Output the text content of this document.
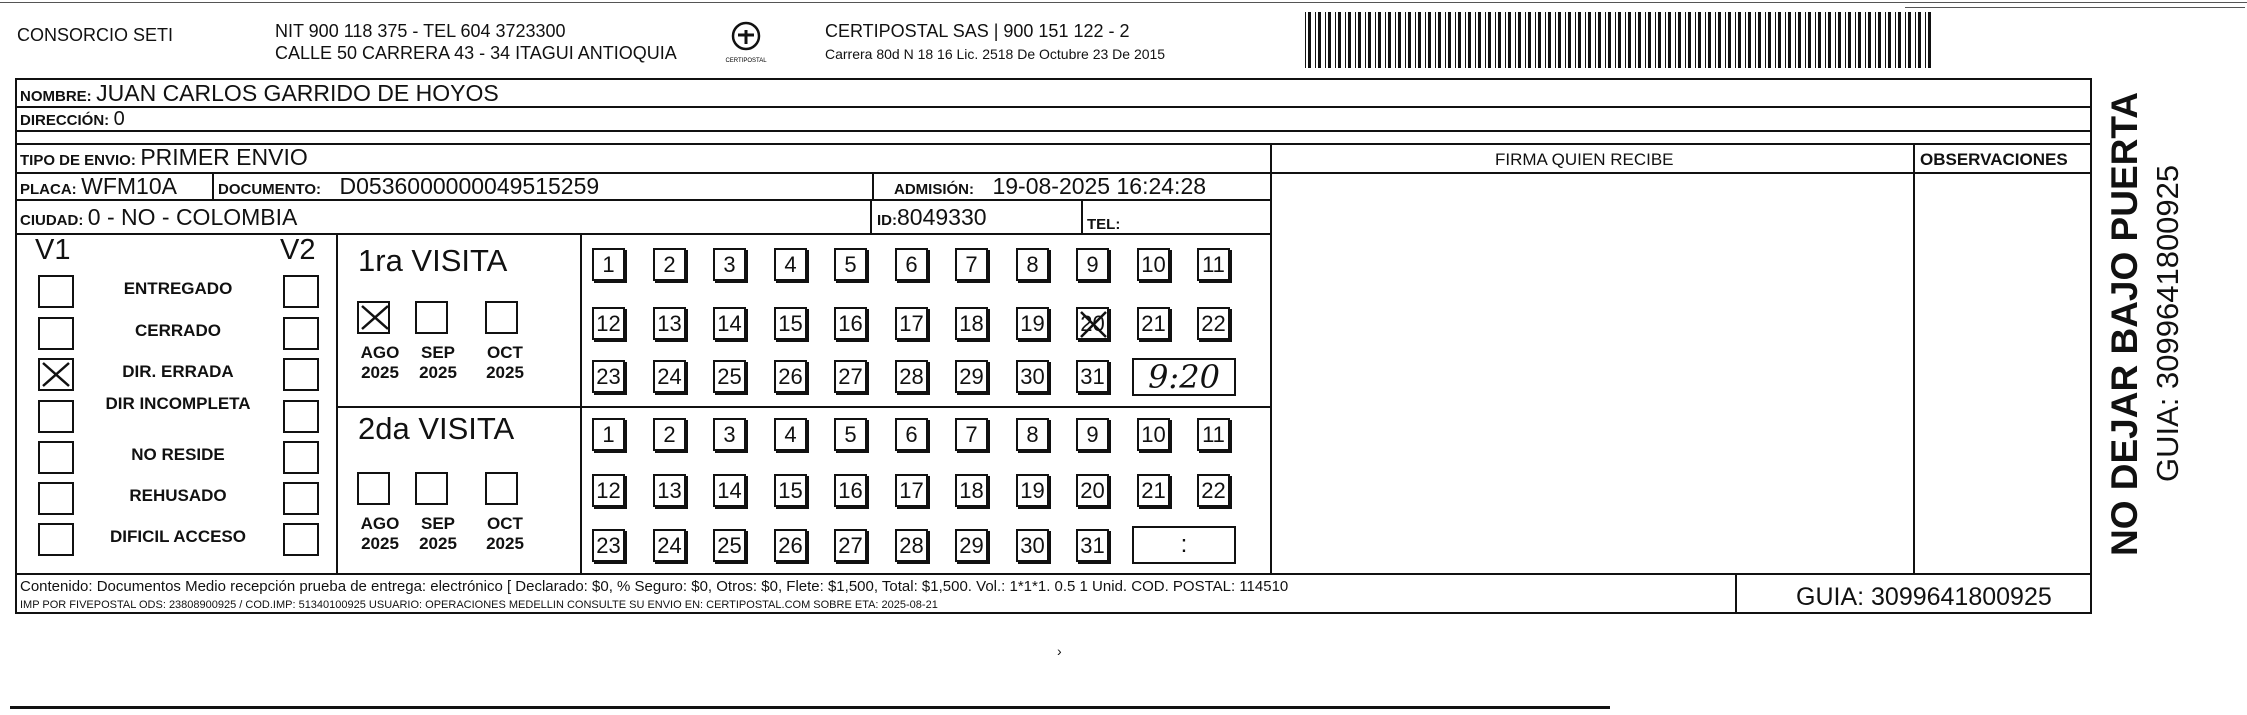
CONSORCIO SETI	NIT 900 118 375 - TEL 604 3723300
CALLE 50 CARRERA 43 - 34 ITAGUI ANTIOQUIA	CERTIPOSTAL
CERTIPOSTAL SAS | 900 151 122 - 2
Carrera 80d N 18 16 Lic. 2518 De Octubre 23 De 2015
NOMBRE: JUAN CARLOS GARRIDO DE HOYOS
DIRECCIÓN: 0
TIPO DE ENVIO: PRIMER ENVIO	FIRMA QUIEN RECIBE	OBSERVACIONES
PLACA: WFM10A	DOCUMENTO: D0536000000049515259	ADMISIÓN: 19-08-2025 16:24:28
CIUDAD: 0 - NO - COLOMBIA	ID:8049330	TEL:
V1	V2
ENTREGADO
CERRADO
DIR. ERRADA
DIR INCOMPLETA
NO RESIDE
REHUSADO
DIFICIL ACCESO
1ra VISITA
AGO
2025
SEP
2025
OCT
2025
1	2	3	4	5	6	7	8	9	10 11
12 13 14 15 16 17 18 19 20 21 22
23 24 25 26 27 28 29 30 31	9:20
2da VISITA
AGO
2025
SEP
2025
OCT
2025
1	2	3	4	5	6	7	8	9	10 11
12 13 14 15 16 17 18 19 20 21 22
23 24 25 26 27 28 29 30 31	:
Contenido: Documentos Medio recepción prueba de entrega: electrónico [ Declarado: $0, % Seguro: $0, Otros: $0, Flete: $1,500, Total: $1,500. Vol.: 1*1*1. 0.5 1 Unid. COD. POSTAL: 114510
IMP POR FIVEPOSTAL ODS: 23808900925 / COD.IMP: 51340100925 USUARIO: OPERACIONES MEDELLIN CONSULTE SU ENVIO EN: CERTIPOSTAL.COM SOBRE ETA: 2025-08-21	GUIA: 3099641800925
NO DEJAR BAJO PUERTA GUIA: 3099641800925
›
